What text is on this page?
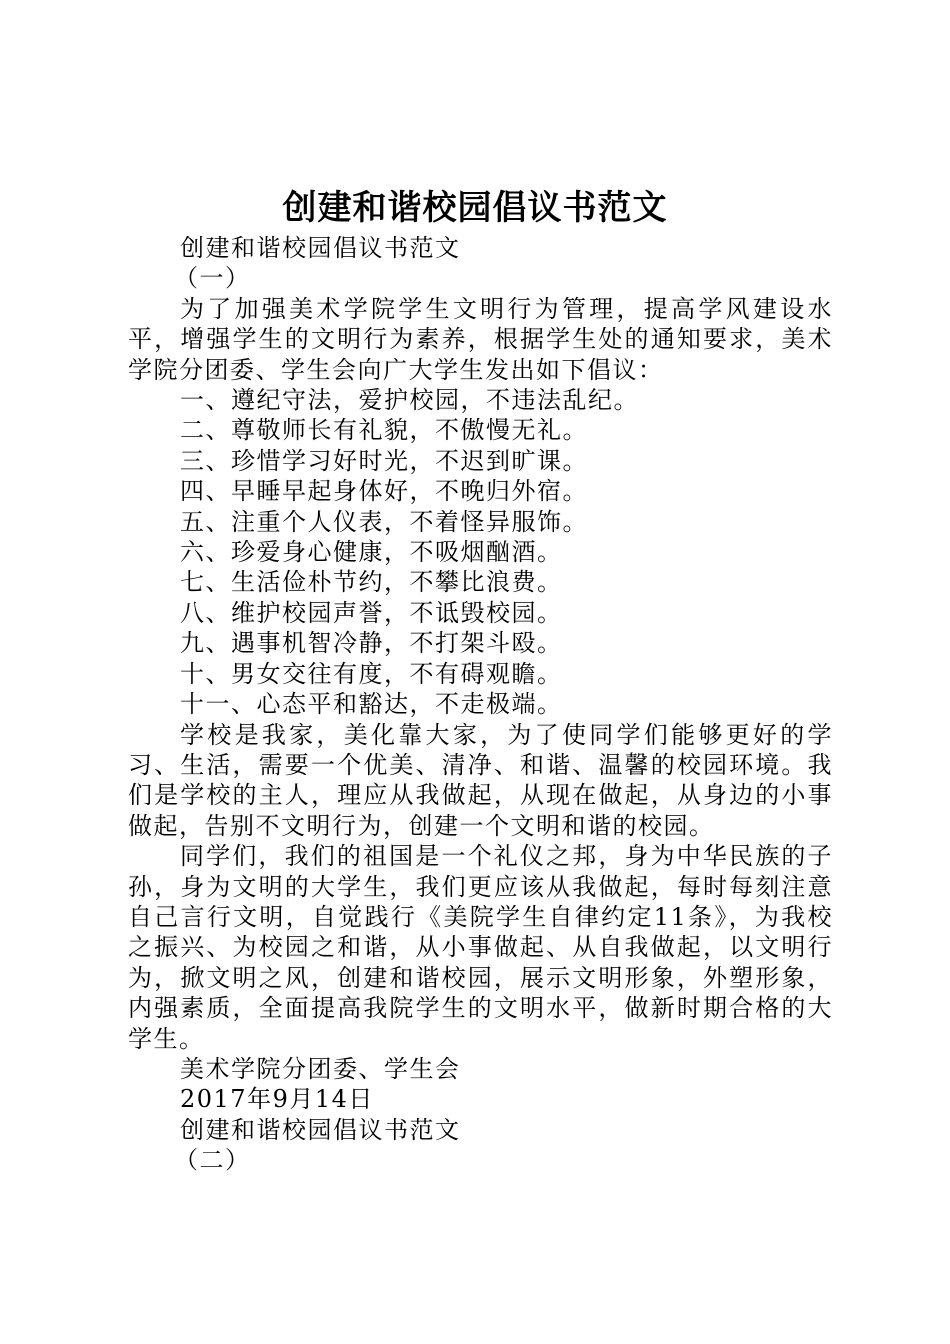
创建和谐校园倡议书范文

创建和谐校园倡议书范文

（一）

为了加强美术学院学生文明行为管理，提高学风建设水平，增强学生的文明行为素养，根据学生处的通知要求，美术学院分团委、学生会向广大学生发出如下倡议：

一、遵纪守法，爱护校园，不违法乱纪。

二、尊敬师长有礼貌，不傲慢无礼。

三、珍惜学习好时光，不迟到旷课。

四、早睡早起身体好，不晚归外宿。

五、注重个人仪表，不着怪异服饰。

六、珍爱身心健康，不吸烟酗酒。

七、生活俭朴节约，不攀比浪费。

八、维护校园声誉，不诋毁校园。

九、遇事机智冷静，不打架斗殴。

十、男女交往有度，不有碍观瞻。

十一、心态平和豁达，不走极端。

学校是我家，美化靠大家，为了使同学们能够更好的学习、生活，需要一个优美、清净、和谐、温馨的校园环境。我们是学校的主人，理应从我做起，从现在做起，从身边的小事做起，告别不文明行为，创建一个文明和谐的校园。

同学们，我们的祖国是一个礼仪之邦，身为中华民族的子孙，身为文明的大学生，我们更应该从我做起，每时每刻注意自己言行文明，自觉践行《美院学生自律约定11条》，为我校之振兴、为校园之和谐，从小事做起、从自我做起，以文明行为，掀文明之风，创建和谐校园，展示文明形象，外塑形象，内强素质，全面提高我院学生的文明水平，做新时期合格的大学生。

美术学院分团委、学生会

2017年9月14日

创建和谐校园倡议书范文

（二）
